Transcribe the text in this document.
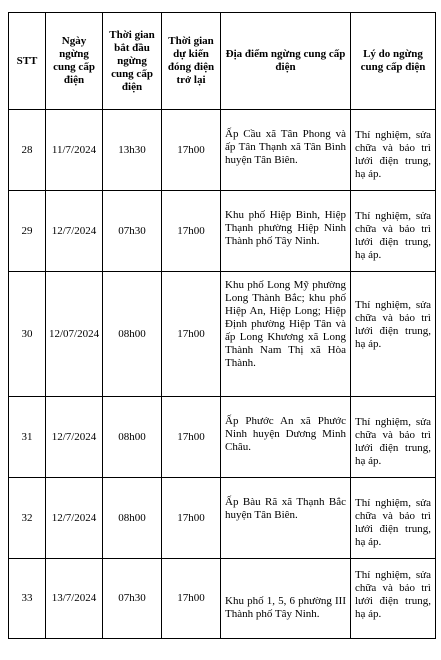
STT	Ngày ngừng cung cấp điện	Thời gian bắt đầu ngừng cung cấp điện	Thời gian dự kiến đóng điện trở lại	Địa điểm ngừng cung cấp điện	Lý do ngừng cung cấp điện
28	11/7/2024	13h30	17h00	Ấp Cầu xã Tân Phong và ấp Tân Thạnh xã Tân Bình huyện Tân Biên.	Thí nghiệm, sửa chữa và bảo trì lưới điện trung, hạ áp.
29	12/7/2024	07h30	17h00	Khu phố Hiệp Bình, Hiệp Thạnh phường Hiệp Ninh Thành phố Tây Ninh.	Thí nghiệm, sửa chữa và bảo trì lưới điện trung, hạ áp.
30	12/07/2024	08h00	17h00	Khu phố Long Mỹ phường Long Thành Bắc; khu phố Hiệp An, Hiệp Long; Hiệp Định phường Hiệp Tân và ấp Long Khương xã Long Thành Nam Thị xã Hòa Thành.	Thí nghiệm, sửa chữa và bảo trì lưới điện trung, hạ áp.
31	12/7/2024	08h00	17h00	Ấp Phước An xã Phước Ninh huyện Dương Minh Châu.	Thí nghiệm, sửa chữa và bảo trì lưới điện trung, hạ áp.
32	12/7/2024	08h00	17h00	Ấp Bàu Rã xã Thạnh Bắc huyện Tân Biên.	Thí nghiệm, sửa chữa và bảo trì lưới điện trung, hạ áp.
33	13/7/2024	07h30	17h00	Khu phố 1, 5, 6 phường III Thành phố Tây Ninh.	Thí nghiệm, sửa chữa và bảo trì lưới điện trung, hạ áp.
